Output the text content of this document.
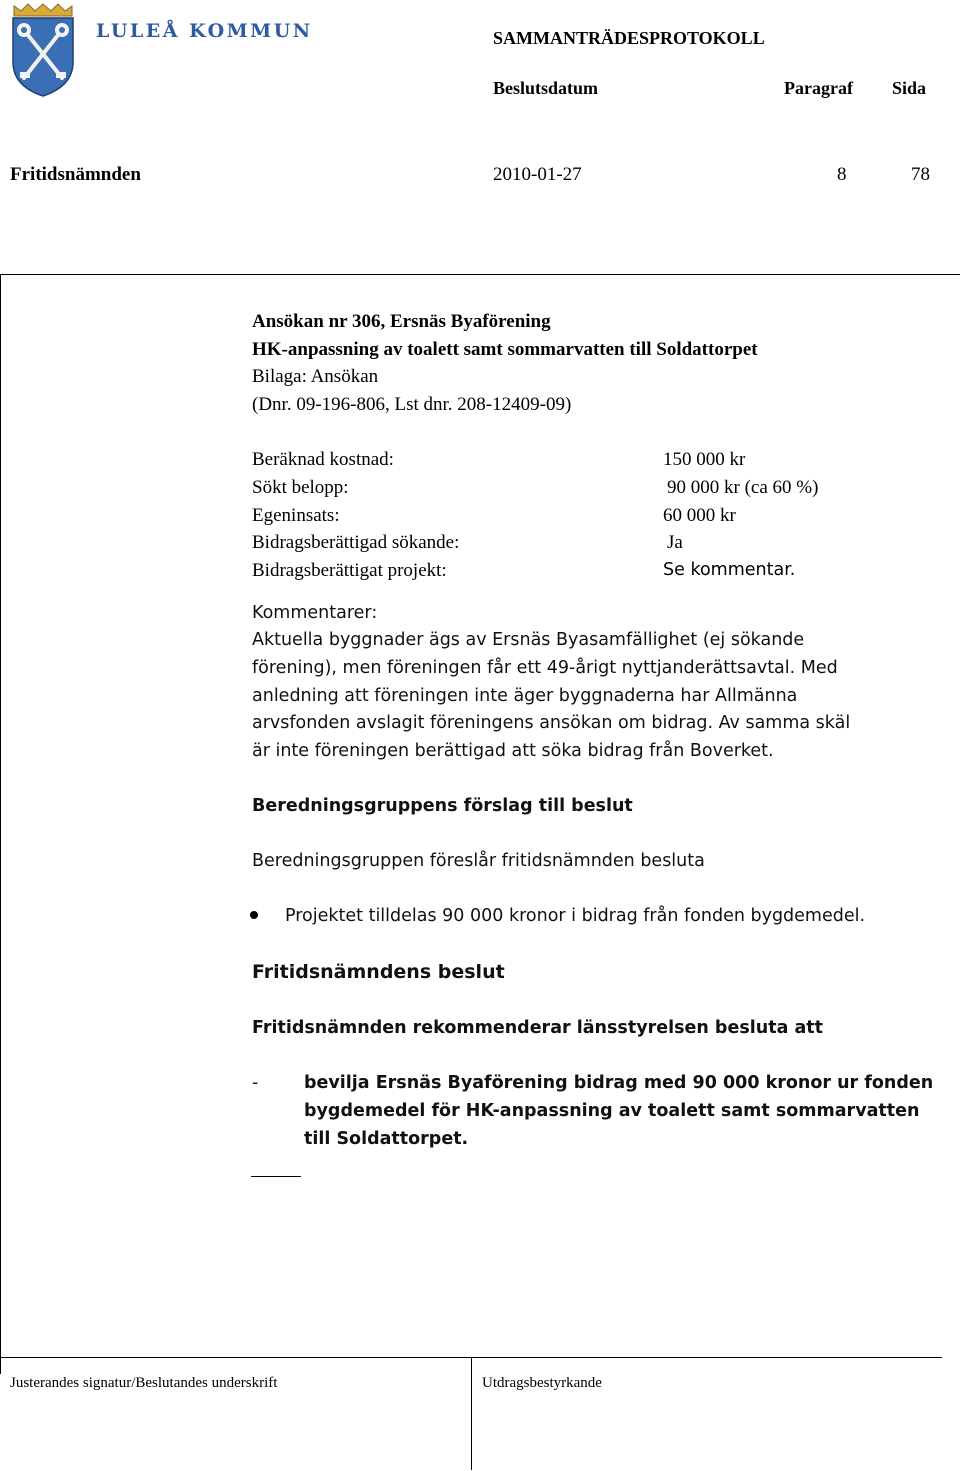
LULEÅ KOMMUN	SAMMANTRÄDESPROTOKOLL
Beslutsdatum	Paragraf Sida
Fritidsnämnden	2010-01-27	8	78
Ansökan nr 306, Ersnäs Byaförening
HK-anpassning av toalett samt sommarvatten till Soldattorpet
Bilaga: Ansökan
(Dnr. 09-196-806, Lst dnr. 208-12409-09)
Beräknad kostnad:	150 000 kr
Sökt belopp:	90 000 kr (ca 60 %)
Egeninsats:	60 000 kr
Bidragsberättigad sökande:	Ja
Bidragsberättigat projekt:	Se kommentar.
Kommentarer:
Aktuella byggnader ägs av Ersnäs Byasamfällighet (ej sökande
förening), men föreningen får ett 49-årigt nyttjanderättsavtal. Med
anledning att föreningen inte äger byggnaderna har Allmänna
arvsfonden avslagit föreningens ansökan om bidrag. Av samma skäl
är inte föreningen berättigad att söka bidrag från Boverket.
Beredningsgruppens förslag till beslut
Beredningsgruppen föreslår fritidsnämnden besluta
Projektet tilldelas 90 000 kronor i bidrag från fonden bygdemedel.
Fritidsnämndens beslut
Fritidsnämnden rekommenderar länsstyrelsen besluta att
-	bevilja Ersnäs Byaförening bidrag med 90 000 kronor ur fonden
bygdemedel för HK-anpassning av toalett samt sommarvatten
till Soldattorpet.
Justerandes signatur/Beslutandes underskrift	Utdragsbestyrkande
